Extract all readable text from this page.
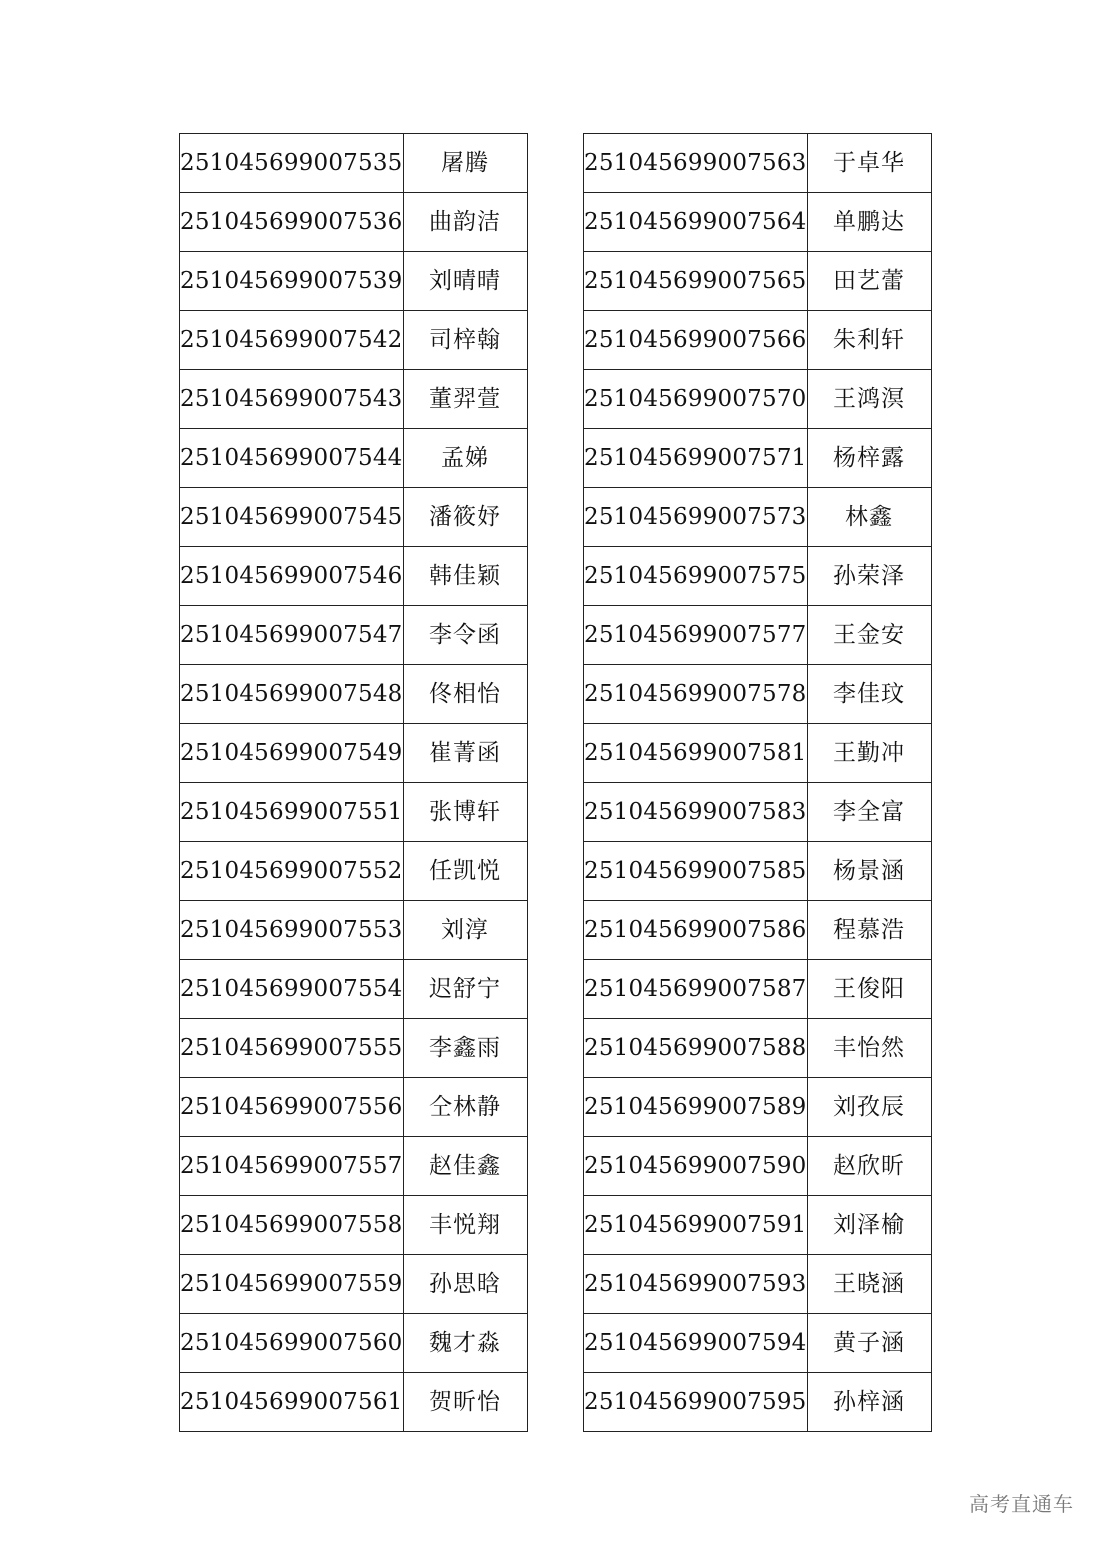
251045699007535	屠腾
251045699007536	曲韵洁
251045699007539	刘晴晴
251045699007542	司梓翰
251045699007543	董羿萱
251045699007544	孟娣
251045699007545	潘筱妤
251045699007546	韩佳颖
251045699007547	李令函
251045699007548	佟相怡
251045699007549	崔菁函
251045699007551	张博轩
251045699007552	任凯悦
251045699007553	刘淳
251045699007554	迟舒宁
251045699007555	李鑫雨
251045699007556	仝林静
251045699007557	赵佳鑫
251045699007558	丰悦翔
251045699007559	孙思晗
251045699007560	魏才淼
251045699007561	贺昕怡
251045699007563	于卓华
251045699007564	单鹏达
251045699007565	田艺蕾
251045699007566	朱利轩
251045699007570	王鸿溟
251045699007571	杨梓露
251045699007573	林鑫
251045699007575	孙荣泽
251045699007577	王金安
251045699007578	李佳玟
251045699007581	王勤冲
251045699007583	李全富
251045699007585	杨景涵
251045699007586	程慕浩
251045699007587	王俊阳
251045699007588	丰怡然
251045699007589	刘孜辰
251045699007590	赵欣昕
251045699007591	刘泽榆
251045699007593	王晓涵
251045699007594	黄子涵
251045699007595	孙梓涵
高考直通车
